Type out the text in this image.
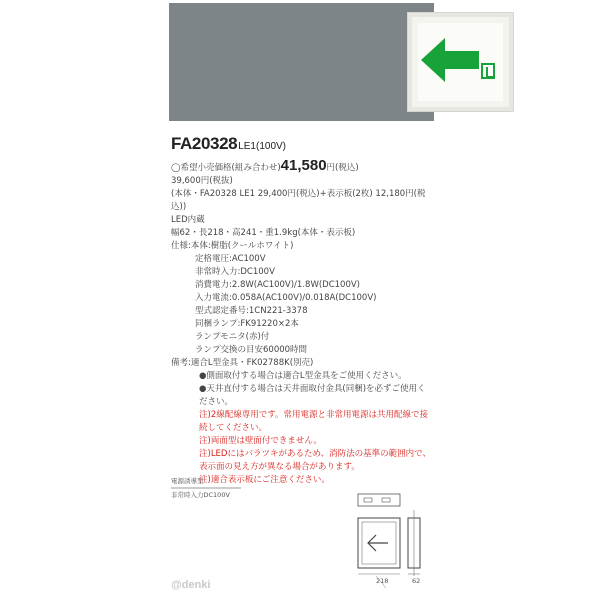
FA20328LE1(100V)
◯希望小売価格(組み合わせ)41,580円(税込)
39,600円(税抜)
(本体・FA20328 LE1 29,400円(税込)+表示板(2枚) 12,180円(税込))
LED内蔵
幅62・長218・高241・重1.9kg(本体・表示板)
仕様:本体:樹脂(クールホワイト)
定格電圧:AC100V
非常時入力:DC100V
消費電力:2.8W(AC100V)/1.8W(DC100V)
入力電流:0.058A(AC100V)/0.018A(DC100V)
型式認定番号:1CN221-3378
同梱ランプ:FK91220×2本
ランプモニタ(赤)付
ランプ交換の目安60000時間
備考:適合L型金具・FK02788K(別売)
●側面取付する場合は適合L型金具をご使用ください。
●天井直付する場合は天井面取付金具(同梱)を必ずご使用ください。
注)2線配線専用です。常用電源と非常用電源は共用配線で接続してください。
注)両面型は壁面付できません。
注)LEDにはバラツキがあるため、消防法の基準の範囲内で、表示面の見え方が異なる場合があります。
注)適合表示板にご注意ください。
電源誘導型
非常時入力DC100V
218	62
@denki
